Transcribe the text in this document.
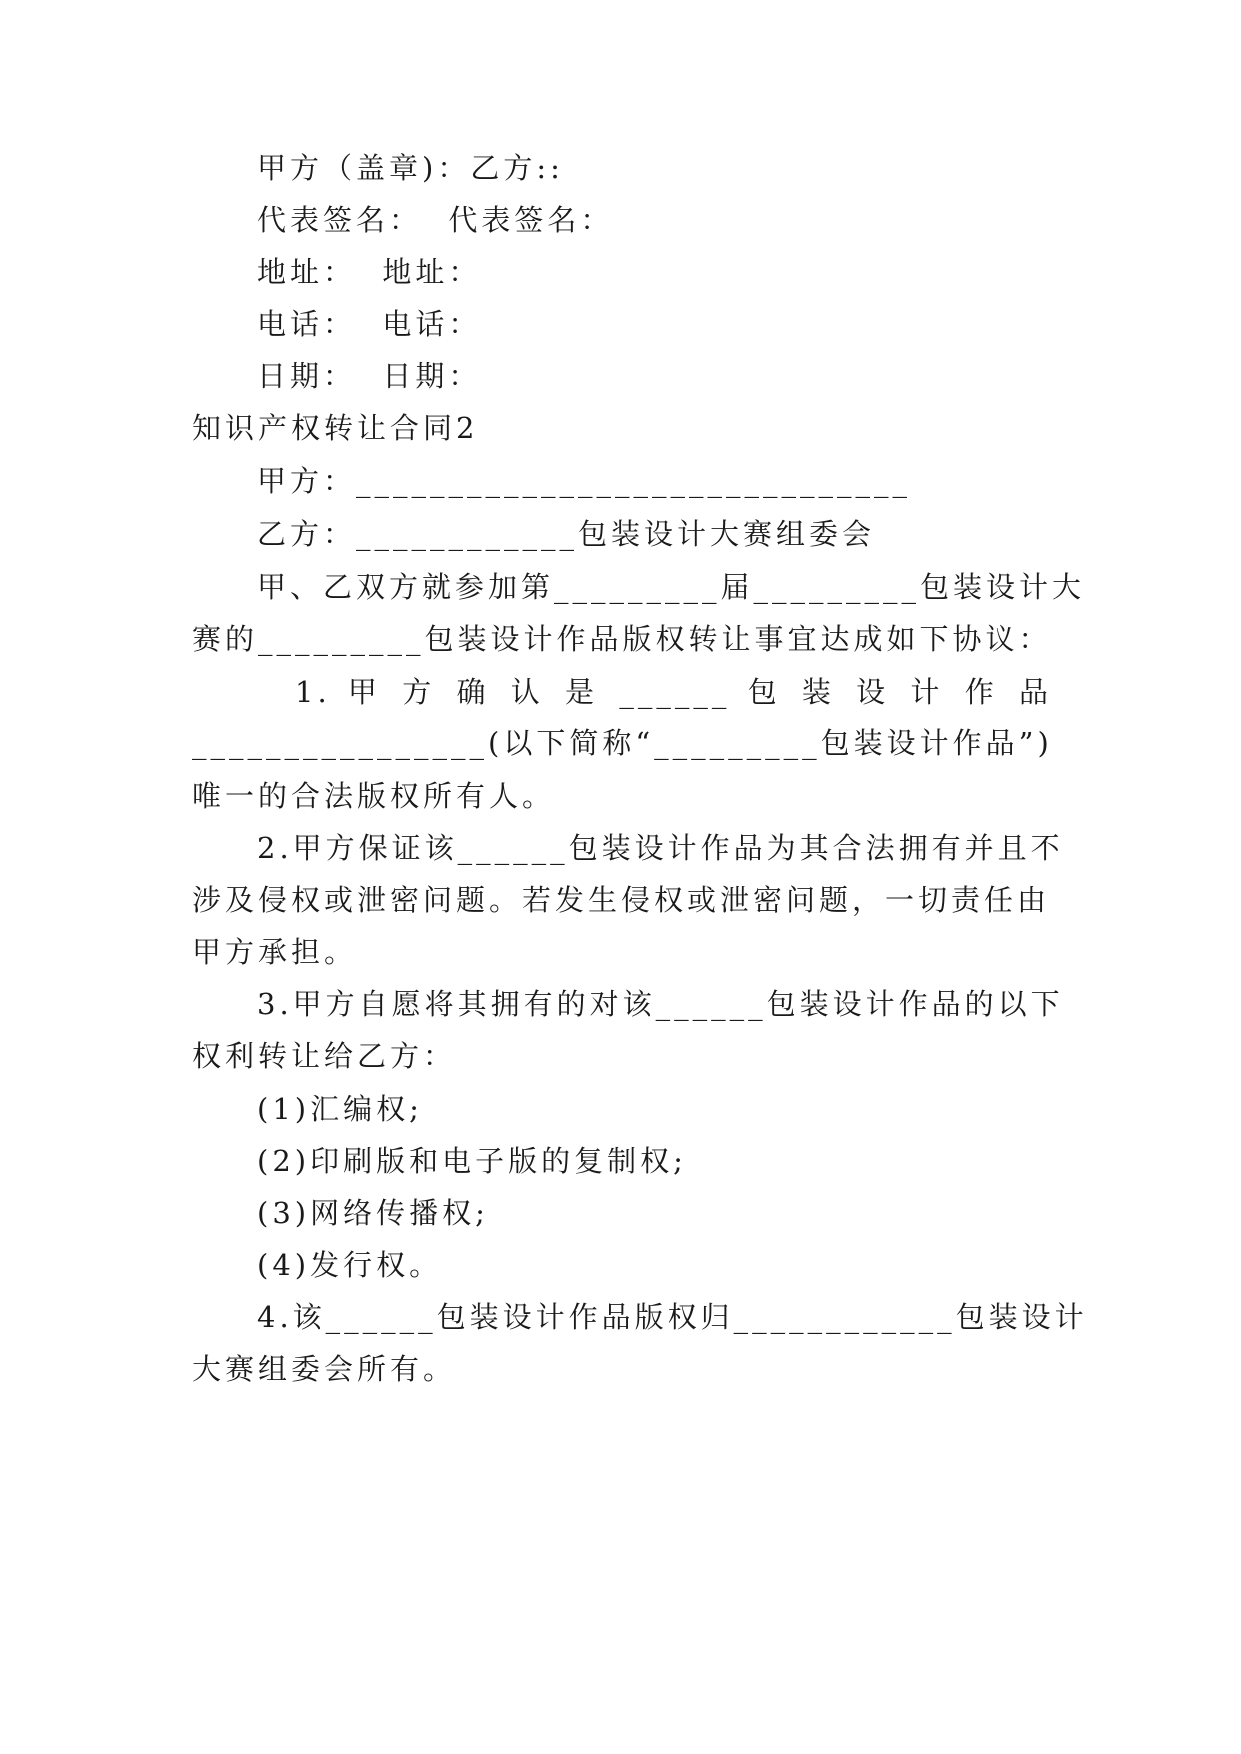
甲方（盖章)：乙方::
代表签名：  代表签名：
地址：  地址：
电话：  电话：
日期：  日期：
知识产权转让合同2
甲方：______________________________
乙方：____________包装设计大赛组委会
甲、乙双方就参加第_________届_________包装设计大
赛的_________包装设计作品版权转让事宜达成如下协议：
1. 甲 方 确 认 是 ______ 包 装 设 计 作 品
________________(以下简称“_________包装设计作品”)
唯一的合法版权所有人。
2.甲方保证该______包装设计作品为其合法拥有并且不
涉及侵权或泄密问题。若发生侵权或泄密问题，一切责任由
甲方承担。
3.甲方自愿将其拥有的对该______包装设计作品的以下
权利转让给乙方：
(1)汇编权;
(2)印刷版和电子版的复制权;
(3)网络传播权;
(4)发行权。
4.该______包装设计作品版权归____________包装设计
大赛组委会所有。
